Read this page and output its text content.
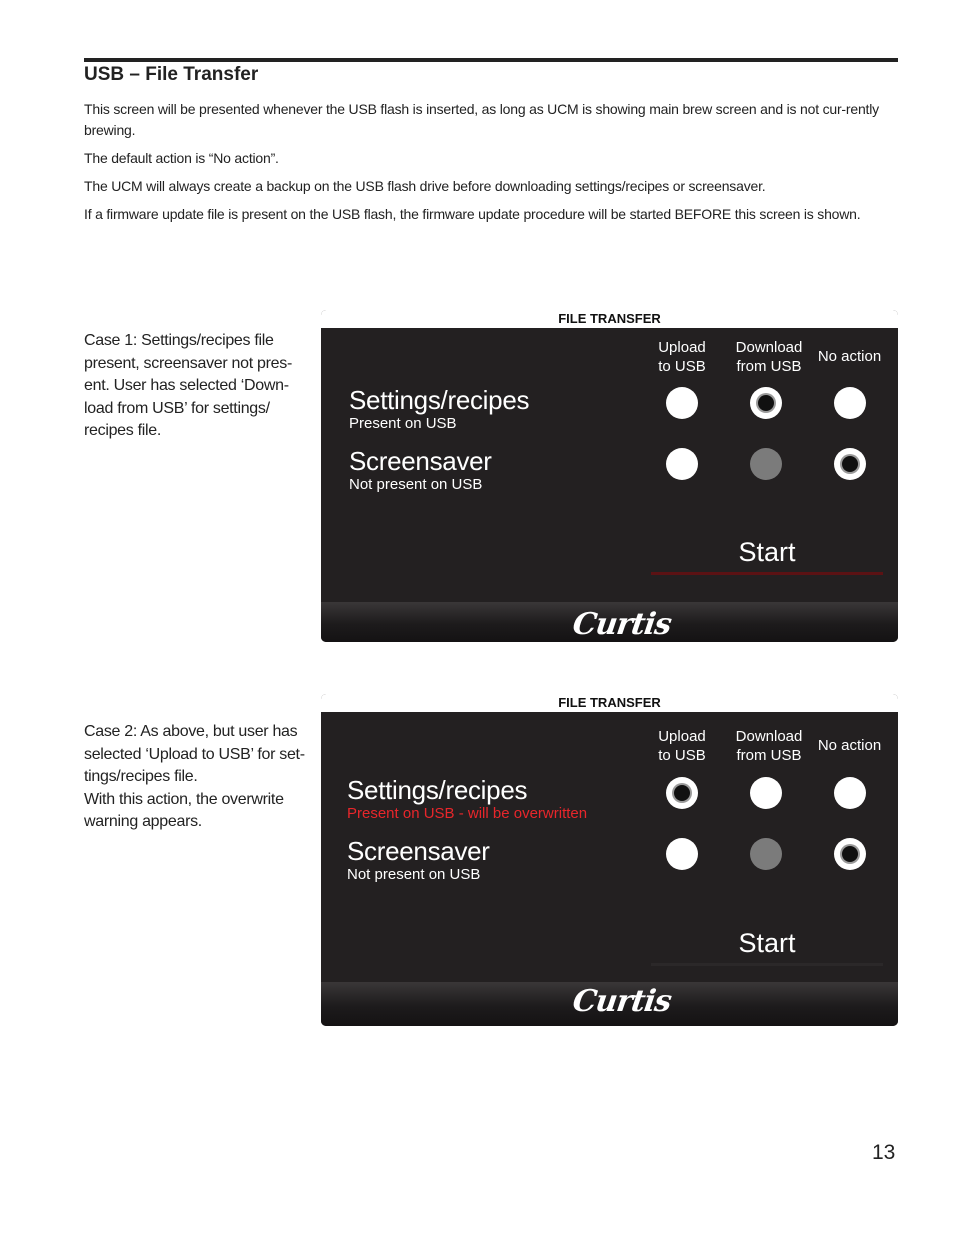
USB – File Transfer
This screen will be presented whenever the USB flash is inserted, as long as UCM is showing main brew screen and is not cur-rently brewing.
The default action is “No action”.
The UCM will always create a backup on the USB flash drive before downloading settings/recipes or screensaver.
If a firmware update file is present on the USB flash, the firmware update procedure will be started BEFORE this screen is shown.
Case 1: Settings/recipes file
present, screensaver not pres-
ent. User has selected ‘Down-
load from USB’ for settings/
recipes file.
FILE TRANSFER
Upload
to USB
Download
from USB
No action
Settings/recipes
Present on USB
Screensaver
Not present on USB
Start
Curtis
Case 2: As above, but user has
selected ‘Upload to USB’ for set-
tings/recipes file.
With this action, the overwrite
warning appears.
FILE TRANSFER
Upload
to USB
Download
from USB
No action
Settings/recipes
Present on USB - will be overwritten
Screensaver
Not present on USB
Start
Curtis
13
